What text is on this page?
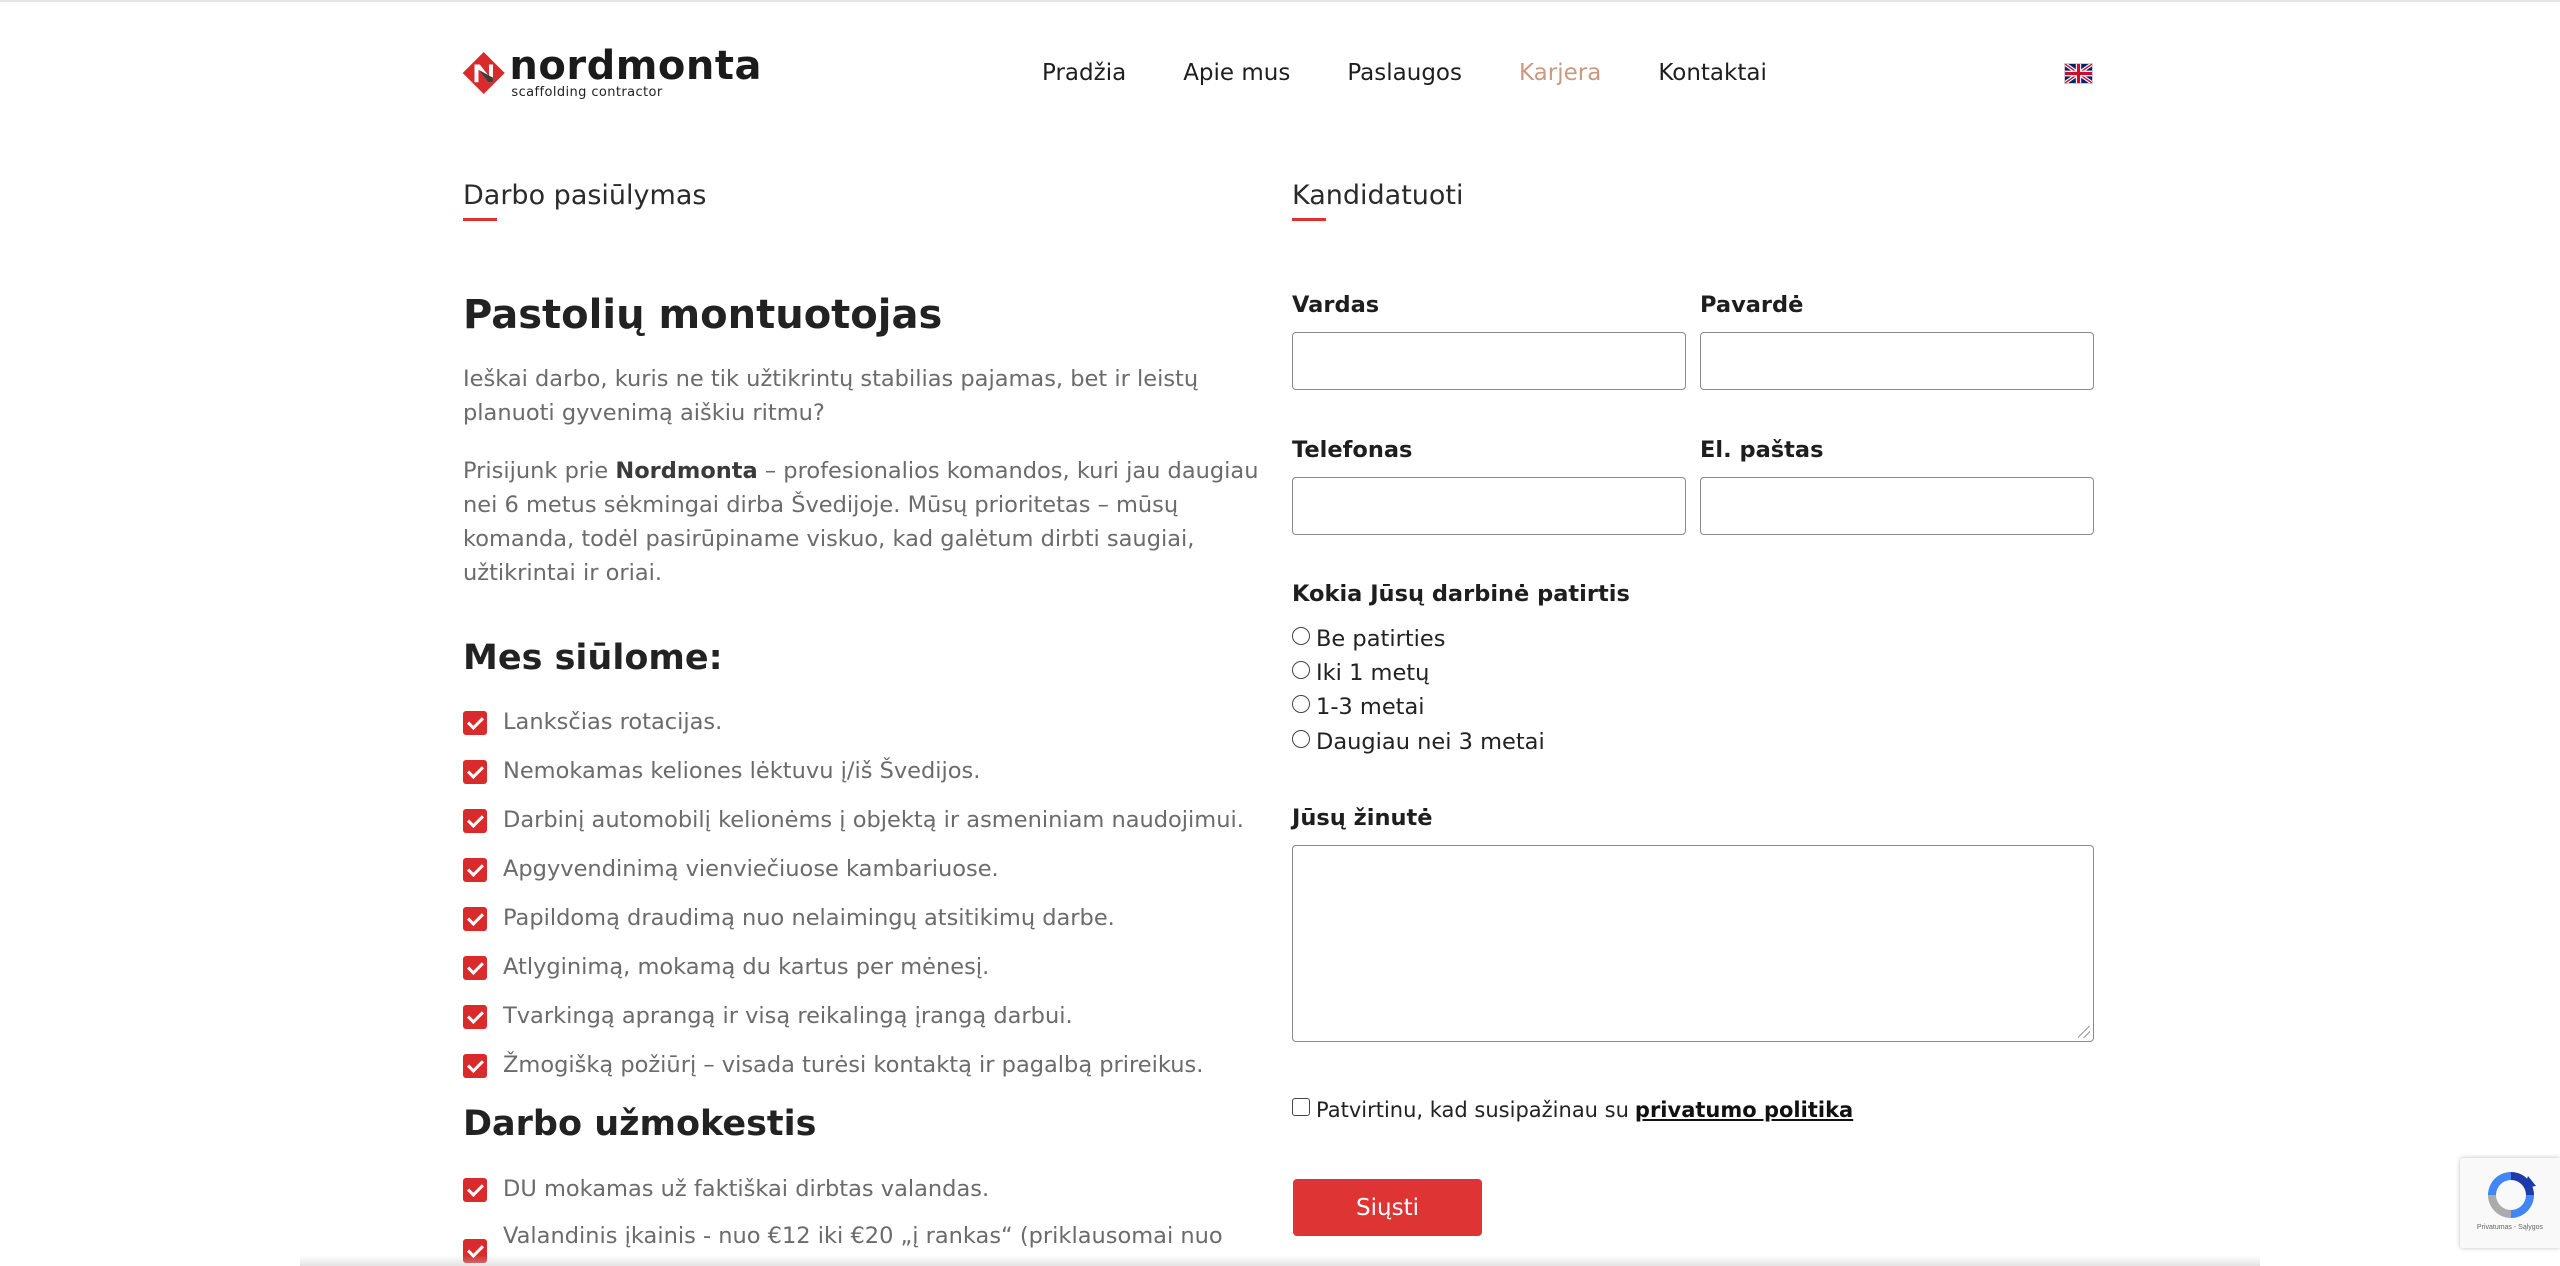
nordmonta
scaffolding contractor
Pradžia Apie mus Paslaugos Karjera Kontaktai
Darbo pasiūlymas
Pastolių montuotojas

Ieškai darbo, kuris ne tik užtikrintų stabilias pajamas, bet ir leistų planuoti gyvenimą aiškiu ritmu?

Prisijunk prie Nordmonta – profesionalios komandos, kuri jau daugiau nei 6 metus sėkmingai dirba Švedijoje. Mūsų prioritetas – mūsų komanda, todėl pasirūpiname viskuo, kad galėtum dirbti saugiai, užtikrintai ir oriai.

Mes siūlome:
Lanksčias rotacijas.
Nemokamas keliones lėktuvu į/iš Švedijos.
Darbinį automobilį kelionėms į objektą ir asmeniniam naudojimui.
Apgyvendinimą vienviečiuose kambariuose.
Papildomą draudimą nuo nelaimingų atsitikimų darbe.
Atlyginimą, mokamą du kartus per mėnesį.
Tvarkingą aprangą ir visą reikalingą įrangą darbui.
Žmogišką požiūrį – visada turėsi kontaktą ir pagalbą prireikus.
Darbo užmokestis
DU mokamas už faktiškai dirbtas valandas.
Valandinis įkainis - nuo €12 iki €20 „į rankas“ (priklausomai nuo
Kandidatuoti
Vardas	Pavardė
Telefonas	El. paštas
Kokia Jūsų darbinė patirtis
Be patirties
Iki 1 metų
1-3 metai
Daugiau nei 3 metai
Jūsų žinutė
Patvirtinu, kad susipažinau su privatumo politika
Siųsti
Privatumas - Sąlygos
